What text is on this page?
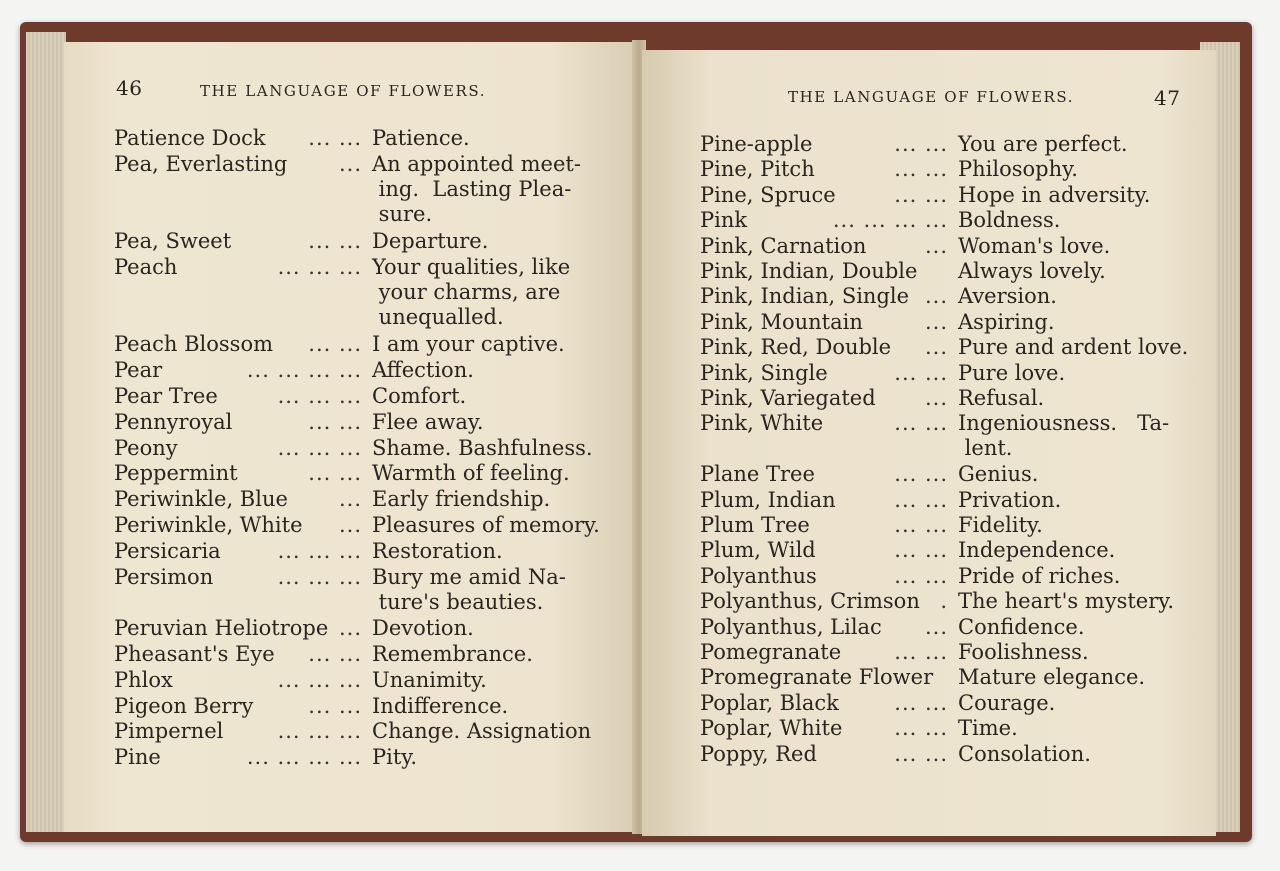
46	THE LANGUAGE OF FLOWERS.
Patience Dock ... ... Patience.
Pea, Everlasting ... An appointed meet-
ing.  Lasting Plea-
sure.
Pea, Sweet	... ... Departure.
Peach	... ... ... Your qualities, like
your charms, are
unequalled.
Peach Blossom ... ... I am your captive.
Pear	... ... ... ... Affection.
Pear Tree	... ... ... Comfort.
Pennyroyal	... ... Flee away.
Peony	... ... ... Shame. Bashfulness.
Peppermint	... ... Warmth of feeling.
Periwinkle, Blue ... Early friendship.
Periwinkle, White ... Pleasures of memory.
Persicaria	... ... ... Restoration.
Persimon	... ... ... Bury me amid Na-
ture's beauties.
Peruvian Heliotrope ... Devotion.
Pheasant's Eye ... ... Remembrance.
Phlox	... ... ... Unanimity.
Pigeon Berry	... ... Indifference.
Pimpernel	... ... ... Change. Assignation
Pine	... ... ... ... Pity.
THE LANGUAGE OF FLOWERS.	47
Pine-apple	... ... You are perfect.
Pine, Pitch	... ... Philosophy.
Pine, Spruce	... ... Hope in adversity.
Pink	... ... ... ... Boldness.
Pink, Carnation	... Woman's love.
Pink, Indian, Double Always lovely.
Pink, Indian, Single ... Aversion.
Pink, Mountain	... Aspiring.
Pink, Red, Double ... Pure and ardent love.
Pink, Single	... ... Pure love.
Pink, Variegated ... Refusal.
Pink, White	... ... Ingeniousness.   Ta-
lent.
Plane Tree	... ... Genius.
Plum, Indian	... ... Privation.
Plum Tree	... ... Fidelity.
Plum, Wild	... ... Independence.
Polyanthus	... ... Pride of riches.
Polyanthus, Crimson . The heart's mystery.
Polyanthus, Lilac ... Confidence.
Pomegranate	... ... Foolishness.
Promegranate Flower Mature elegance.
Poplar, Black	... ... Courage.
Poplar, White ... ... Time.
Poppy, Red	... ... Consolation.
